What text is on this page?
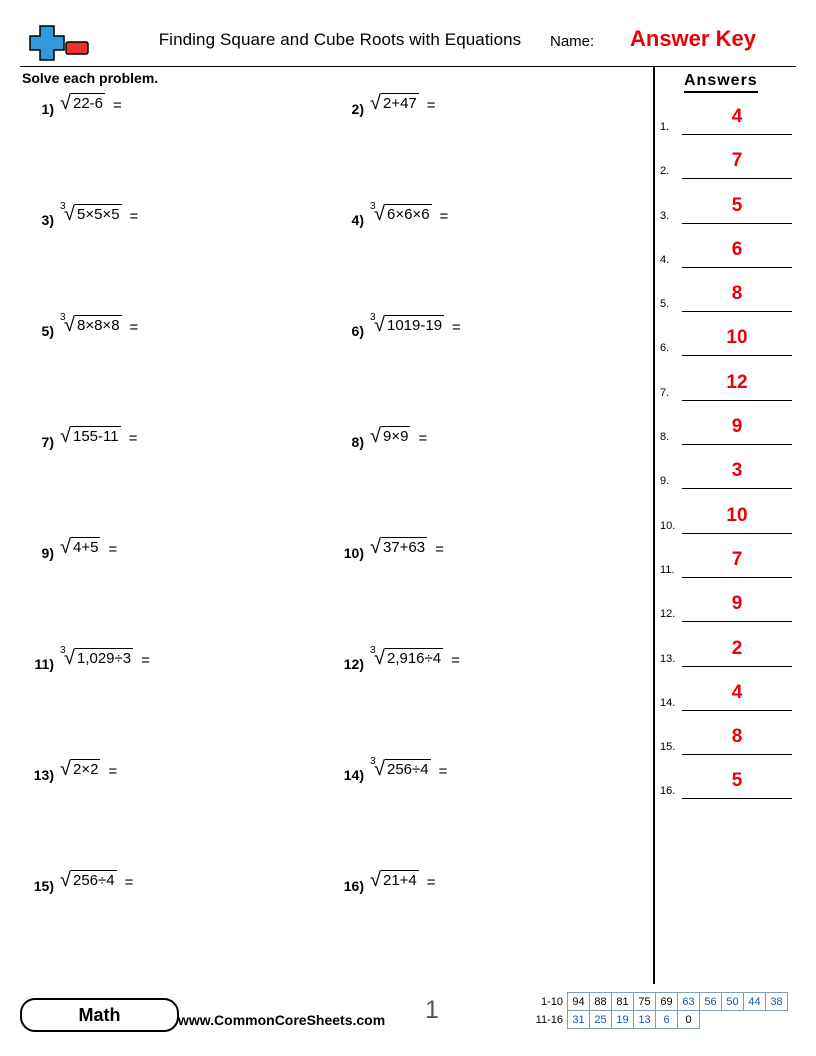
Finding Square and Cube Roots with Equations	Name: Answer Key
Solve each problem.
1) √ 22-6 =	2) √ 2+47 =
3)
3
√ 5×5×5 =	4)
3
√ 6×6×6 =
5)
3
√ 8×8×8 =	6)
3
√ 1019-19 =
7) √ 155-11 =	8) √ 9×9 =
9) √ 4+5 =	10) √ 37+63 =
11)
3
√ 1,029÷3 =	12)
3
√ 2,916÷4 =
13) √ 2×2 =	14)
3
√ 256÷4 =
15) √ 256÷4 =	16) √ 21+4 =
Answers
1.	4
2.	7
3.	5
4.	6
5.	8
6.	10
7.	12
8.	9
9.	3
10.	10
11.	7
12.	9
13.	2
14.	4
15.	8
16.	5
Math	www.CommonCoreSheets.com 1	1-10	94	88	81	75	69	63	56	50	44	38
11-16	31	25	19	13	6	0				
